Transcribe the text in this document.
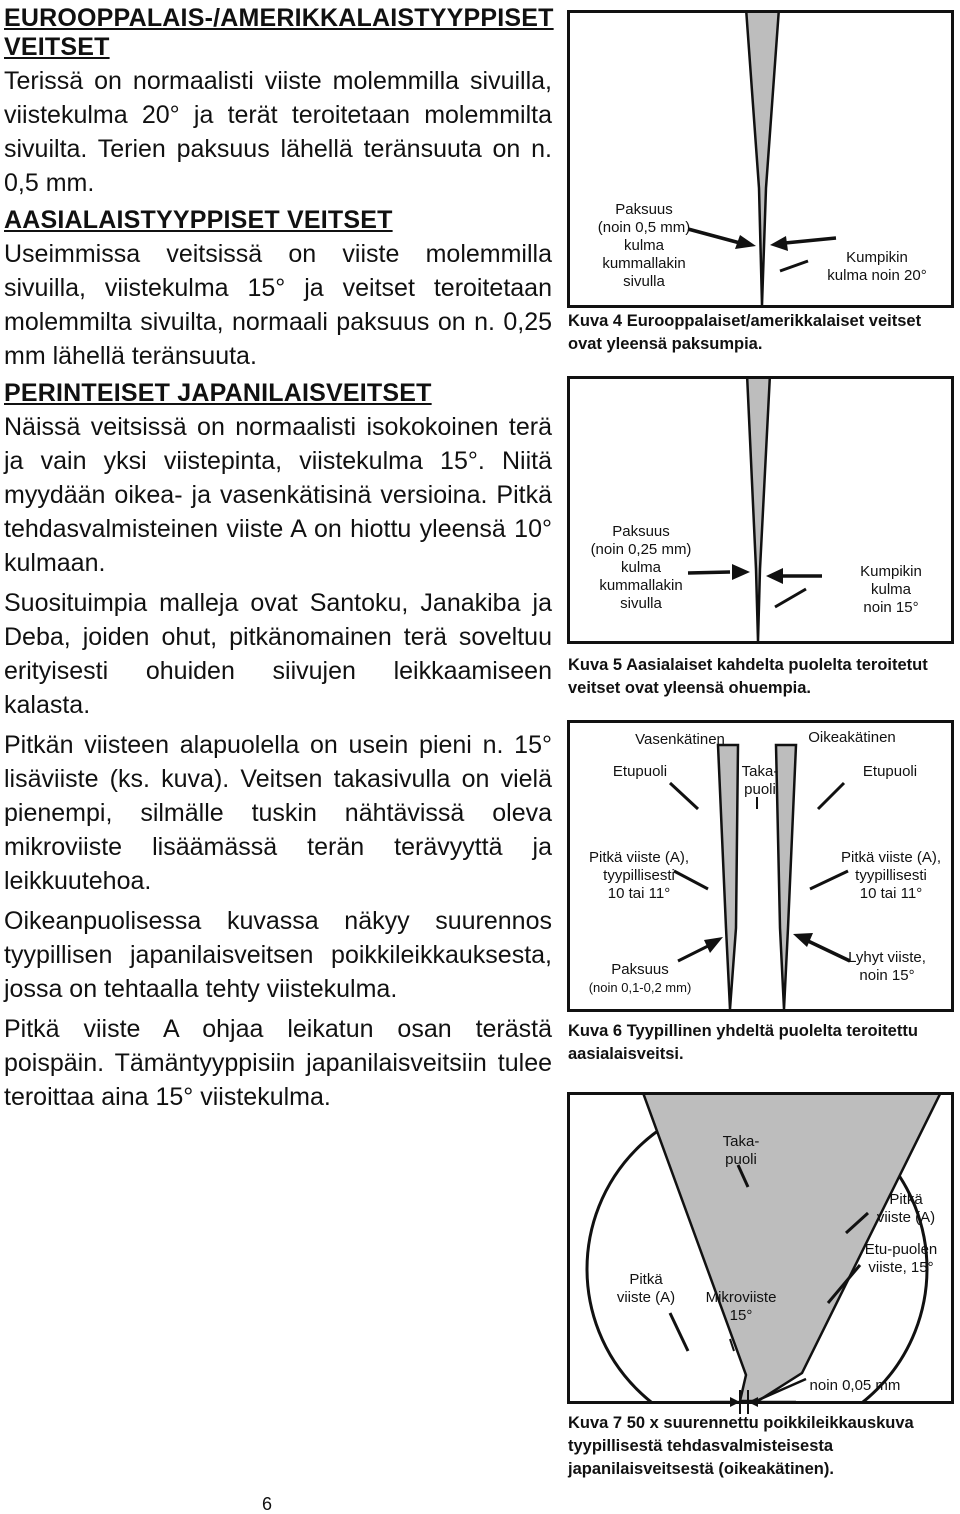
EUROOPPALAIS-/AMERIKKALAISTYYPPISET VEITSET
Terissä on normaalisti viiste molemmilla sivuilla, viistekulma 20° ja terät teroitetaan molemmilta sivuilta. Terien paksuus lähellä teränsuuta on n. 0,5 mm.
AASIALAISTYYPPISET VEITSET
Useimmissa veitsissä on viiste molemmilla sivuilla, viistekulma 15° ja veitset teroitetaan molemmilta sivuilta, normaali paksuus on n. 0,25 mm lähellä teränsuuta.
PERINTEISET JAPANILAISVEITSET
Näissä veitsissä on normaalisti isokokoinen terä ja vain yksi viistepinta, viistekulma 15°. Niitä myydään oikea- ja vasenkätisinä versioina. Pitkä tehdasvalmisteinen viiste A on hiottu yleensä 10° kulmaan.
Suosituimpia malleja ovat Santoku, Janakiba ja Deba, joiden ohut, pitkänomainen terä soveltuu erityisesti ohuiden siivujen leikkaamiseen kalasta.
Pitkän viisteen alapuolella on usein pieni n. 15° lisäviiste (ks. kuva). Veitsen takasivulla on vielä pienempi, silmälle tuskin nähtävissä oleva mikroviiste lisäämässä terän terävyyttä ja leikkuutehoa.
Oikeanpuolisessa kuvassa näkyy suurennos tyypillisen japanilaisveitsen poikkileikkauksesta, jossa on tehtaalla tehty viistekulma.
Pitkä viiste A ohjaa leikatun osan terästä poispäin. Tämäntyyppisiin japanilaisveitsiin tulee teroittaa aina 15° viistekulma.
Paksuus
(noin 0,5 mm)
kulma
kummallakin
sivulla
Kumpikin
kulma noin 20°
Kuva 4 Eurooppalaiset/amerikkalaiset veitset
ovat yleensä paksumpia.
Paksuus
(noin 0,25 mm)
kulma
kummallakin
sivulla
Kumpikin
kulma
noin 15°
Kuva 5 Aasialaiset kahdelta puolelta teroitetut
veitset ovat yleensä ohuempia.
Vasenkätinen	Oikeakätinen
Etupuoli	Etupuoli
Taka-
puoli
Pitkä viiste (A),
tyypillisesti
10 tai 11°
Pitkä viiste (A),
tyypillisesti
10 tai 11°
Paksuus
(noin 0,1-0,2 mm)
Lyhyt viiste,
noin 15°
Kuva 6 Tyypillinen yhdeltä puolelta teroitettu
aasialaisveitsi.
Taka-
puoli
Pitkä
viiste (A)
Etu-puolen
viiste, 15°
Pitkä
viiste (A)	Mikroviiste
15°
noin 0,05 mm
Kuva 7 50 x suurennettu poikkileikkauskuva
tyypillisestä tehdasvalmisteisesta
japanilaisveitsestä (oikeakätinen).
6
